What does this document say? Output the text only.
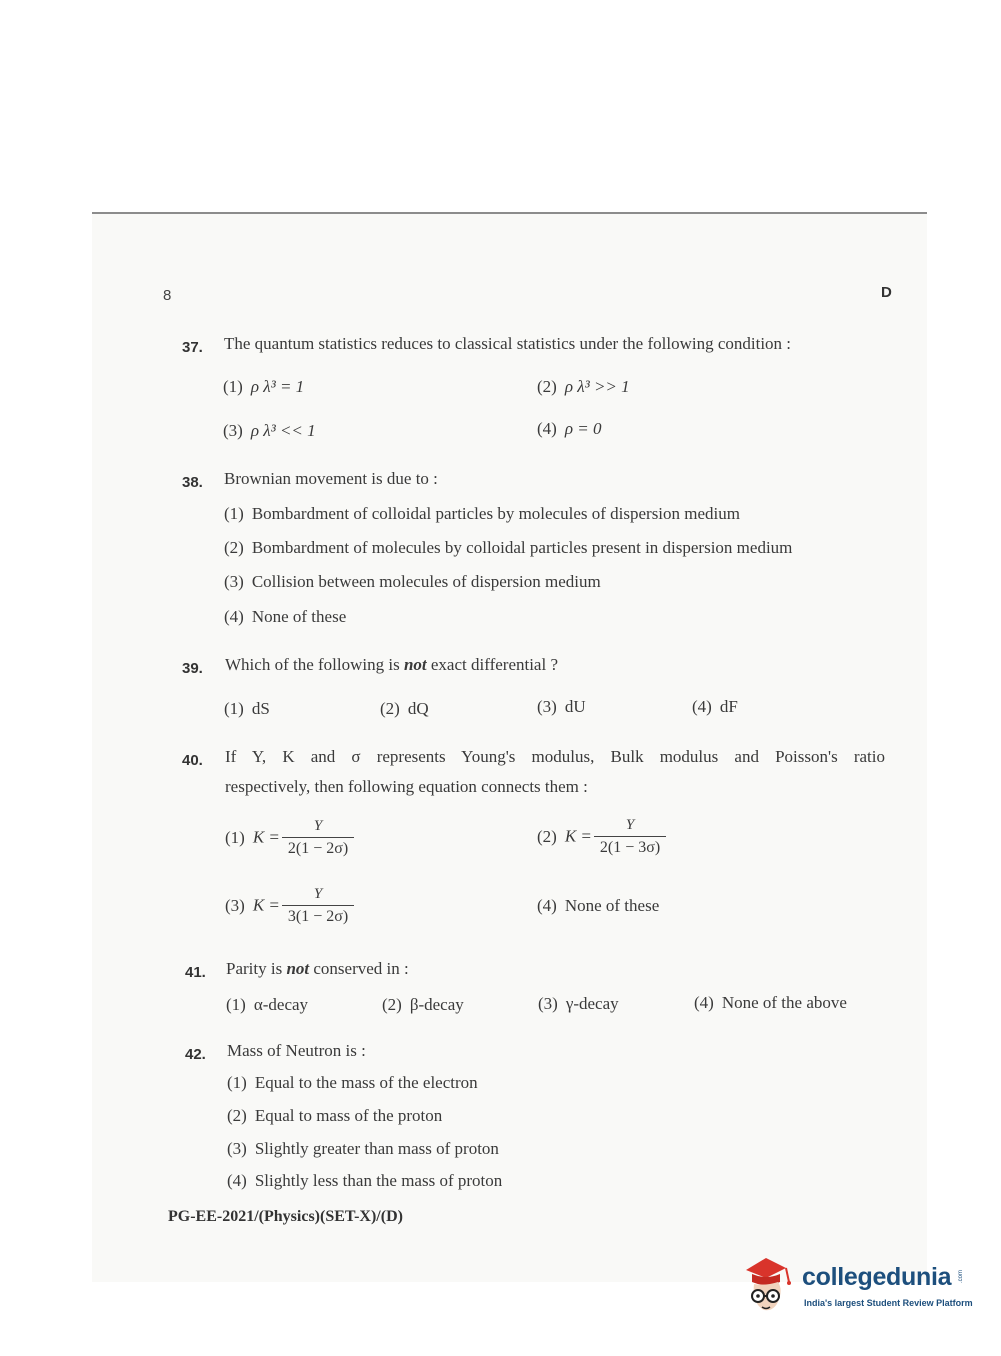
8	D
37. The quantum statistics reduces to classical statistics under the following condition :
(1) ρ λ³ = 1	(2) ρ λ³ >> 1
(3) ρ λ³ << 1	(4) ρ = 0
38. Brownian movement is due to :
(1) Bombardment of colloidal particles by molecules of dispersion medium
(2) Bombardment of molecules by colloidal particles present in dispersion medium
(3) Collision between molecules of dispersion medium
(4) None of these
39. Which of the following is not exact differential ?
(1) dS	(2) dQ	(3) dU	(4) dF
40. If Y, K and σ represents Young's modulus, Bulk modulus and Poisson's ratio
respectively, then following equation connects them :
(1) $K = \frac{Y}{2(1 - 2\sigma)}$	(2) $K = \frac{Y}{2(1 - 3\sigma)}$
(3) $K = \frac{Y}{3(1 - 2\sigma)}$	(4) None of these
41. Parity is not conserved in :
(1) α-decay	(2) β-decay	(3) γ-decay	(4) None of the above
42. Mass of Neutron is :
(1) Equal to the mass of the electron
(2) Equal to mass of the proton
(3) Slightly greater than mass of proton
(4) Slightly less than the mass of proton
PG-EE-2021/(Physics)(SET-X)/(D)
collegedunia .com
India's largest Student Review Platform
